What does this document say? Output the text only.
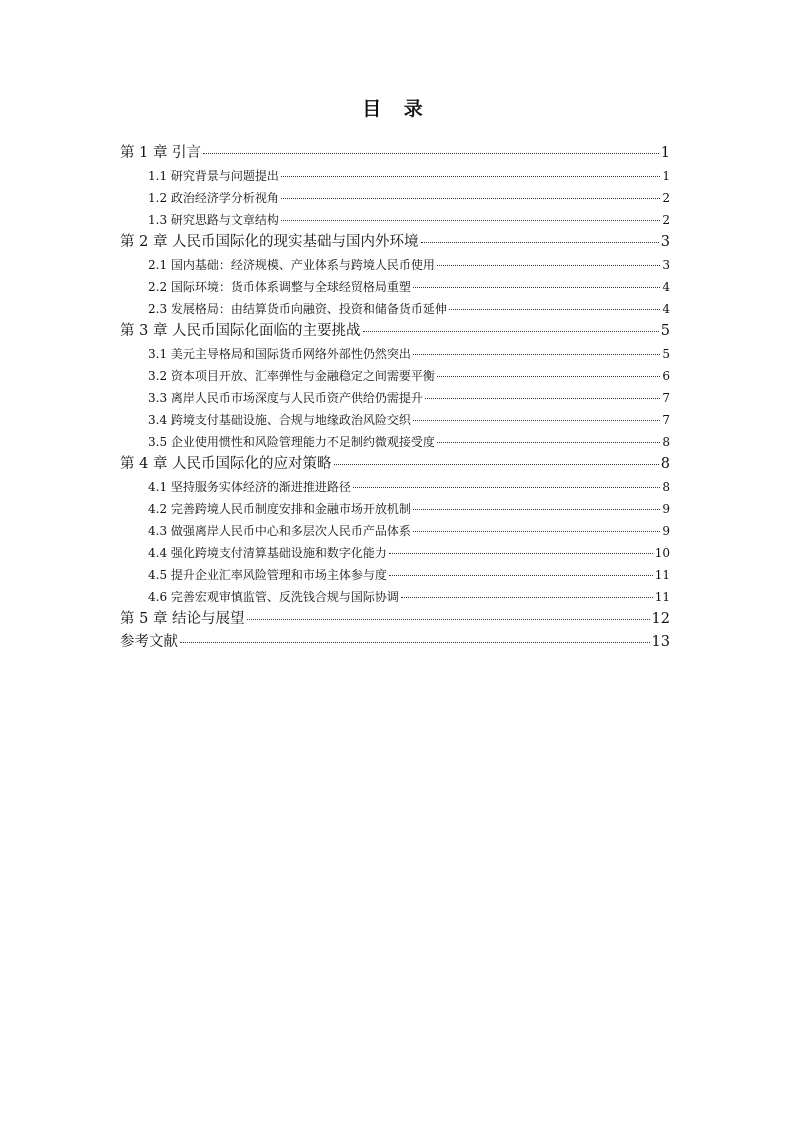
目 录
第 1 章 引言	1
1.1 研究背景与问题提出	1
1.2 政治经济学分析视角	2
1.3 研究思路与文章结构	2
第 2 章 人民币国际化的现实基础与国内外环境	3
2.1 国内基础：经济规模、产业体系与跨境人民币使用	3
2.2 国际环境：货币体系调整与全球经贸格局重塑	4
2.3 发展格局：由结算货币向融资、投资和储备货币延伸	4
第 3 章 人民币国际化面临的主要挑战	5
3.1 美元主导格局和国际货币网络外部性仍然突出	5
3.2 资本项目开放、汇率弹性与金融稳定之间需要平衡	6
3.3 离岸人民币市场深度与人民币资产供给仍需提升	7
3.4 跨境支付基础设施、合规与地缘政治风险交织	7
3.5 企业使用惯性和风险管理能力不足制约微观接受度	8
第 4 章 人民币国际化的应对策略	8
4.1 坚持服务实体经济的渐进推进路径	8
4.2 完善跨境人民币制度安排和金融市场开放机制	9
4.3 做强离岸人民币中心和多层次人民币产品体系	9
4.4 强化跨境支付清算基础设施和数字化能力	10
4.5 提升企业汇率风险管理和市场主体参与度	11
4.6 完善宏观审慎监管、反洗钱合规与国际协调	11
第 5 章 结论与展望	12
参考文献	13
